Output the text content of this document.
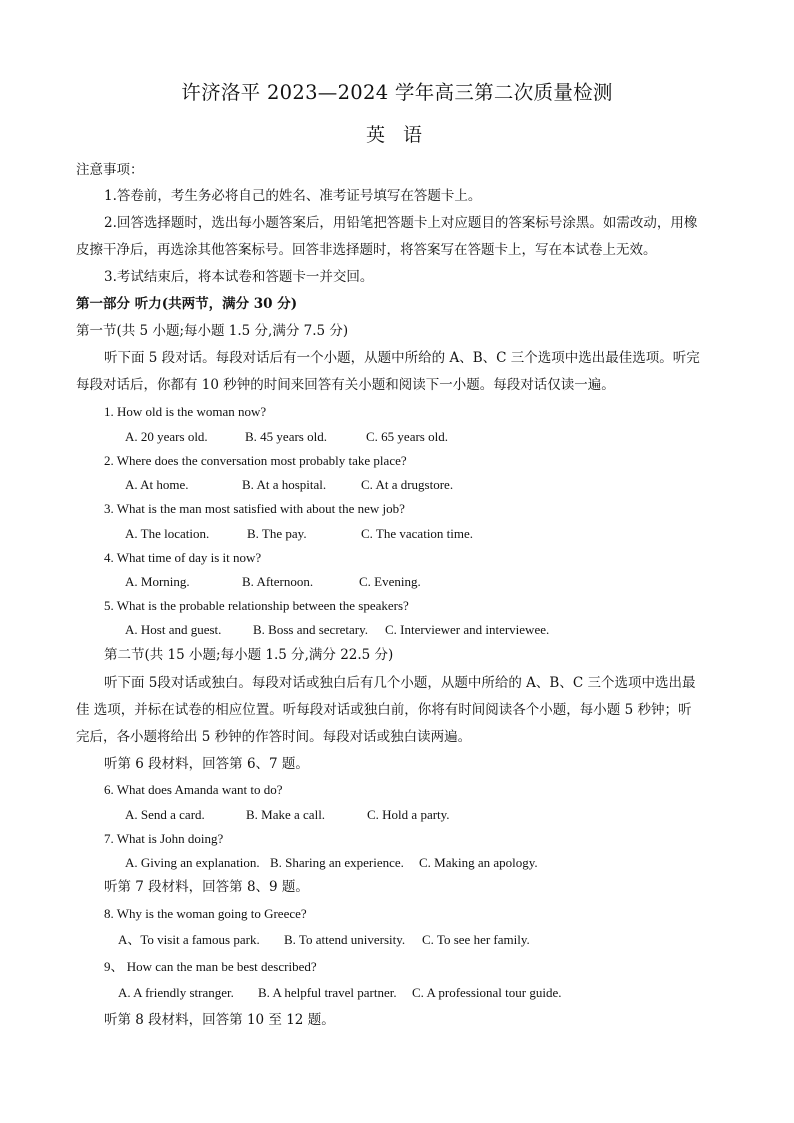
许济洛平 2023—2024 学年高三第二次质量检测
英 语
注意事项：
1.答卷前，考生务必将自己的姓名、准考证号填写在答题卡上。
2.回答选择题时，选出每小题答案后，用铅笔把答题卡上对应题目的答案标号涂黑。如需改动，用橡
皮擦干净后，再选涂其他答案标号。回答非选择题时，将答案写在答题卡上，写在本试卷上无效。
3.考试结束后，将本试卷和答题卡一并交回。
第一部分 听力(共两节，满分 30 分)
第一节(共 5 小题;每小题 1.5 分,满分 7.5 分)
听下面 5 段对话。每段对话后有一个小题，从题中所给的 A、B、C 三个选项中选出最佳选项。听完
每段对话后，你都有 10 秒钟的时间来回答有关小题和阅读下一小题。每段对话仅读一遍。
1. How old is the woman now?
A. 20 years old.	B. 45 years old.	C. 65 years old.
2. Where does the conversation most probably take place?
A. At home.	B. At a hospital.	C. At a drugstore.
3. What is the man most satisfied with about the new job?
A. The location.	B. The pay.	C. The vacation time.
4. What time of day is it now?
A. Morning.	B. Afternoon.	C. Evening.
5. What is the probable relationship between the speakers?
A. Host and guest. B. Boss and secretary. C. Interviewer and interviewee.
第二节(共 15 小题;每小题 1.5 分,满分 22.5 分)
听下面 5段对话或独白。每段对话或独白后有几个小题，从题中所给的 A、B、C 三个选项中选出最
佳 选项，并标在试卷的相应位置。听每段对话或独白前，你将有时间阅读各个小题，每小题 5 秒钟；听
完后，各小题将给出 5 秒钟的作答时间。每段对话或独白读两遍。
听第 6 段材料，回答第 6、7 题。
6. What does Amanda want to do?
A. Send a card.	B. Make a call.	C. Hold a party.
7. What is John doing?
A. Giving an explanation. B. Sharing an experience. C. Making an apology.
听第 7 段材料，回答第 8、9 题。
8. Why is the woman going to Greece?
A、To visit a famous park. B. To attend university. C. To see her family.
9、 How can the man be best described?
A. A friendly stranger. B. A helpful travel partner. C. A professional tour guide.
听第 8 段材料，回答第 10 至 12 题。
